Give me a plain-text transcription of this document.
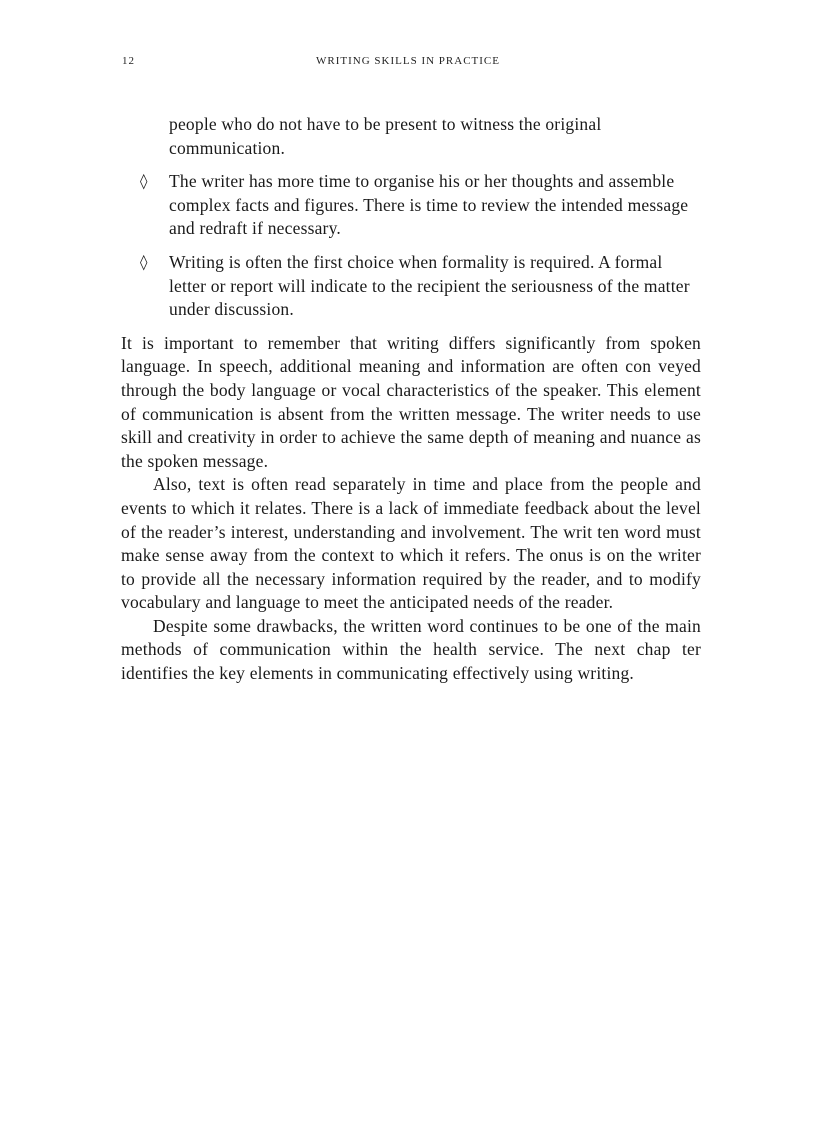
12	WRITING SKILLS IN PRACTICE

people who do not have to be present to witness the original communication.

◊ The writer has more time to organise his or her thoughts and assemble complex facts and figures. There is time to review the intended message and redraft if necessary.
◊ Writing is often the first choice when formality is required. A formal letter or report will indicate to the recipient the seriousness of the matter under discussion.

It is important to remember that writing differs significantly from spoken language. In speech, additional meaning and information are often con veyed through the body language or vocal characteristics of the speaker. This element of communication is absent from the written message. The writer needs to use skill and creativity in order to achieve the same depth of meaning and nuance as the spoken message.

Also, text is often read separately in time and place from the people and events to which it relates. There is a lack of immediate feedback about the level of the reader’s interest, understanding and involvement. The writ ten word must make sense away from the context to which it refers. The onus is on the writer to provide all the necessary information required by the reader, and to modify vocabulary and language to meet the anticipated needs of the reader.

Despite some drawbacks, the written word continues to be one of the main methods of communication within the health service. The next chap ter identifies the key elements in communicating effectively using writing.
